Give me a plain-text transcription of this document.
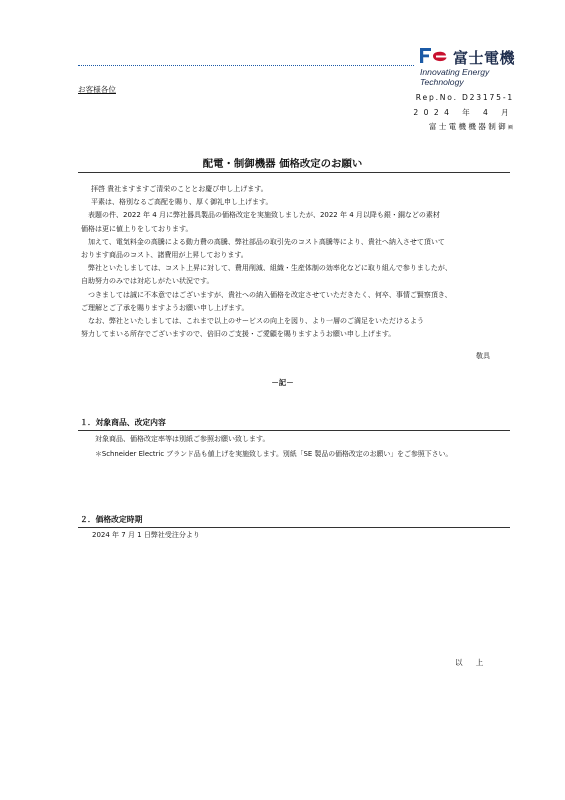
富士電機
Innovating Energy Technology
お客様各位
Rep.No. D23175-1
2024 年 4 月
富士電機機器制御㈱
配電・制御機器 価格改定のお願い
拝啓 貴社ますますご清栄のこととお慶び申し上げます。
平素は、格別なるご高配を賜り、厚く御礼申し上げます。
表題の件、2022 年 4 月に弊社器具製品の価格改定を実施致しましたが、2022 年 4 月以降も銀・銅などの素材
価格は更に値上りをしております。
加えて、電気料金の高騰による動力費の高騰、弊社部品の取引先のコスト高騰等により、貴社へ納入させて頂いて
おります商品のコスト、諸費用が上昇しております。
弊社といたしましては、コスト上昇に対して、費用削減、組織・生産体制の効率化などに取り組んで参りましたが、
自助努力のみでは対応しがたい状況です。
つきましては誠に不本意ではございますが、貴社への納入価格を改定させていただきたく、何卒、事情ご賢察頂き、
ご理解とご了承を賜りますようお願い申し上げます。
なお、弊社といたしましては、これまで以上のサービスの向上を図り、より一層のご満足をいただけるよう
努力してまいる所存でございますので、倍旧のご支援・ご愛顧を賜りますようお願い申し上げます。
敬具
－記－
１．対象商品、改定内容
対象商品、価格改定率等は別紙ご参照お願い致します。
＊Schneider Electric ブランド品も値上げを実施致します。別紙「SE 製品の価格改定のお願い」をご参照下さい。
２．価格改定時期
2024 年 7 月 1 日弊社受注分より
以上
